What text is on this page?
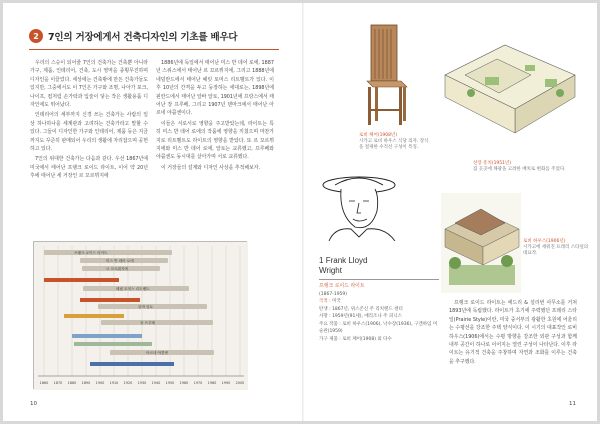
2 7인의 거장에게서 건축디자인의 기초를 배우다

우리의 스승이 되어줄 7인의 건축가는 건축뿐 아니라 가구, 제품, 인테리어, 건축, 도시 영역을 종횡무진하며 디자인을 이끌었다. 세상에는 건축밖에 만든 건축가들도 있지만, 그중에서도 이 7인은 가구와 조명, 나아가 포크, 나이프, 컵처럼 손가락과 입술이 닿는 작은 생활용품 디자인에도 뛰어났다.

인테리어의 세부까지 신경 쓰는 건축가는 사람의 일상 하나하나를 세계관과 고려하는 건축가라고 말할 수 있다. 그들이 디자인한 가구와 인테리어, 제품 등은 지금까지도 꾸준히 판매되어 우리의 생활에 자리잡으며 공헌하고 있다.

7인의 위대한 건축가는 다음과 같다. 우선 1867년에 미국에서 태어난 프랭크 로이드 라이트, 이어 약 20년 후에 태어난 세 거장인 르 꼬르뷔지에

1886년에 독일에서 태어난 미스 반 데어 로에, 1887년 스위스에서 태어난 르 꼬르뷔지에, 그리고 1888년에 네덜란드에서 태어난 헤릿 토머스 리트벨트가 있다. 이후 10년의 간격을 두고 등장하는 세대로는, 1898년에 핀란드에서 태어난 알바 알토, 1901년에 프랑스에서 태어난 장 프루베, 그리고 1907년 덴마크에서 태어난 아르네 야콥센이다.

이들은 서로서로 영향을 주고받았는데, 라이트는 특히 미스 반 데어 로에의 작품에 영향을 끼쳤으며 마찬가지로 리트벨트도 라이트의 영향을 받았다. 또 르 꼬르뷔지에와 미스 반 데어 로에, 알토는 교류했고, 프루베와 야콥센도 동시대를 살아가며 서로 교류했다.

이 거장들의 설계와 디자인 사상을 추적해보자.

프랭크 로이드 라이트
미스 반 데어 로에
르 꼬르뷔지에
헤릿 토머스 리트벨트
알바 알토
장 프루베
아르네 야콥센
1860 1870 1880 1890 1900 1910 1920 1930 1940 1950 1960 1970 1980 1990 2000
10
로비 체어(1908년)
시카고 로비 하우스 식당 의자. 장식을 절제한 수직선 구성이 특징.
선랑 흥치(1951년)
집 곳곳에 채광을 고려한 배치로 변화를 주었다.
로비 하우스(1906년)
시카고에 세워진 프레리 스타일의 대표작.
1 Frank Lloyd
Wright
프랭크 로이드 라이트
(1867-1959)
국적 : 미국
탄생 : 1867년, 위스콘신 주 리치랜드 센터
사망 : 1959년(91세), 애리조나 주 피닉스
주요 작품 : 로비 하우스(1906), 낙수장(1936), 구겐하임 미술관(1959)
가구 제품 : 로비 체어(1908) 외 다수

프랭크 로이드 라이트는 에드리 & 설리번 사무소를 거쳐 1893년에 독립했다. 라이트가 초기에 주력했던 프레리 스타일(Prairie Style)이란, 미국 중서부의 광활한 초원에 어울리는 수평선을 강조한 주택 양식이다. 이 시기의 대표작인 로비 하우스(1906)에서는 수평 방향을 강조한 외관 구성과 함께 내부 공간이 하나로 이어지는 열린 구성이 나타난다. 이후 라이트는 유기적 건축을 주창하며 자연과 조화를 이루는 건축을 추구했다.

11
